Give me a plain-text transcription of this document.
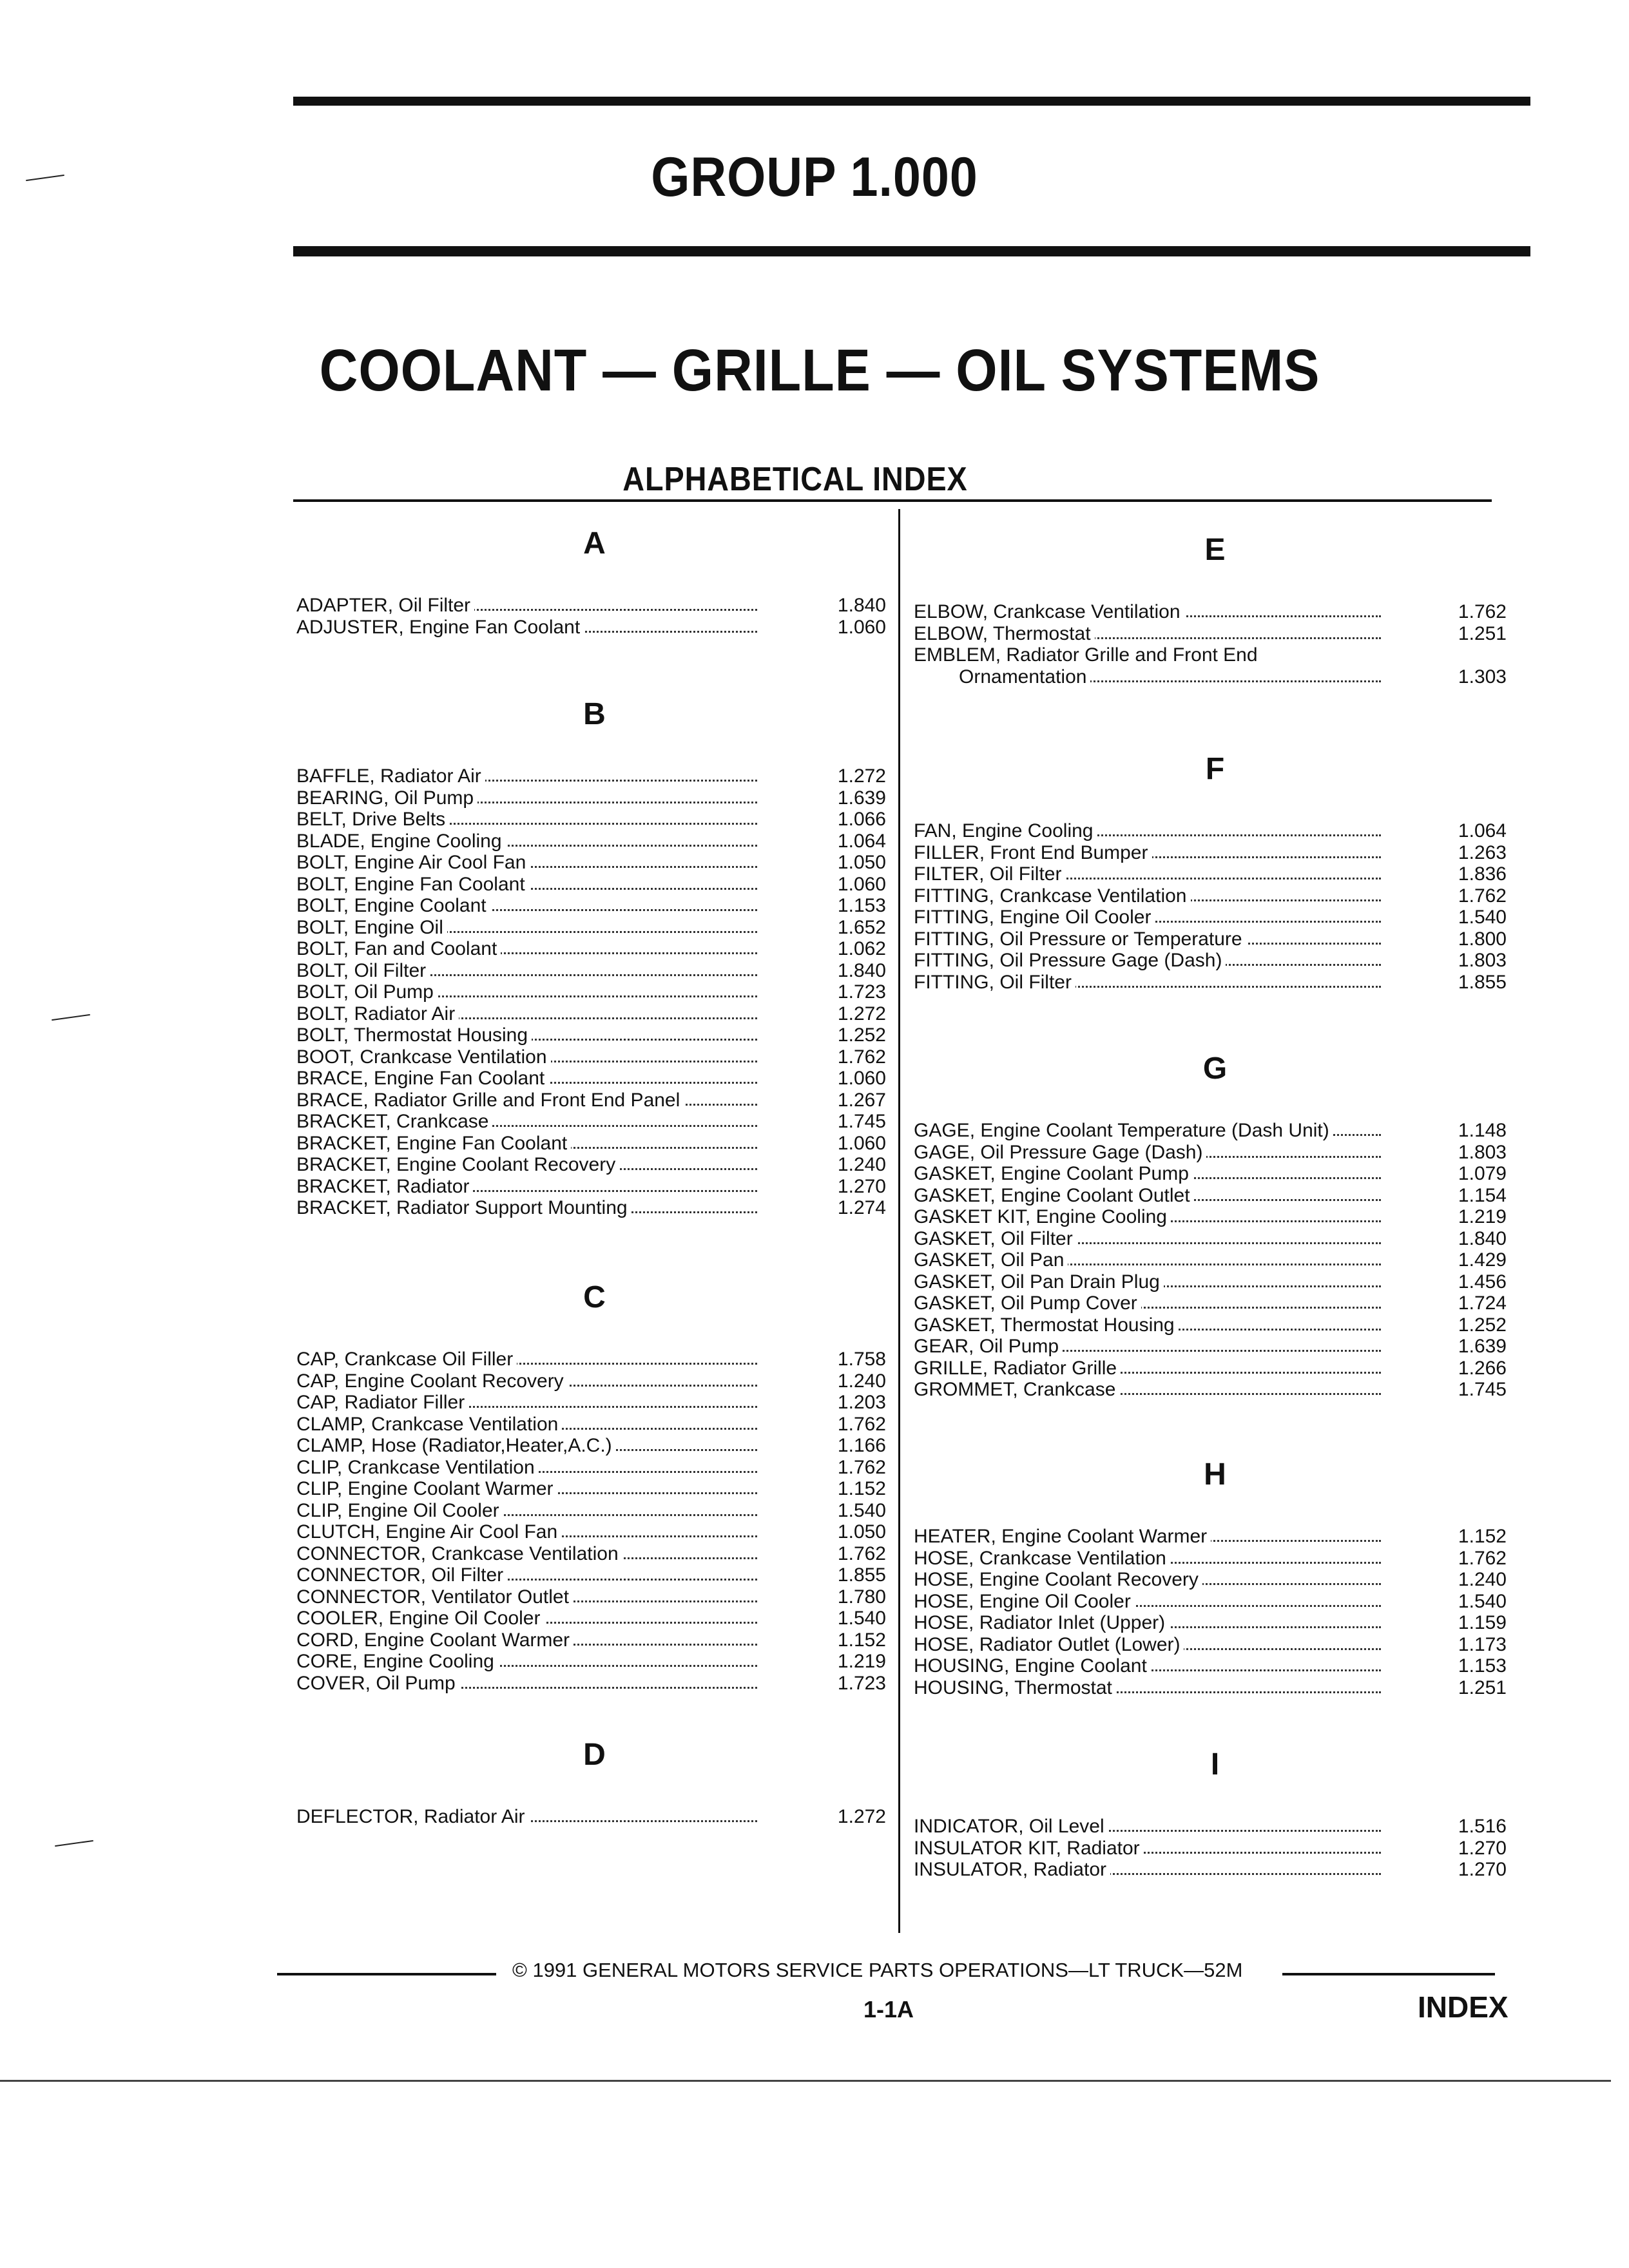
GROUP 1.000
COOLANT — GRILLE — OIL SYSTEMS
ALPHABETICAL INDEX
A
ADAPTER, Oil Filter	1.840
ADJUSTER, Engine Fan Coolant	1.060
B
BAFFLE, Radiator Air	1.272
BEARING, Oil Pump	1.639
BELT, Drive Belts	1.066
BLADE, Engine Cooling	1.064
BOLT, Engine Air Cool Fan	1.050
BOLT, Engine Fan Coolant	1.060
BOLT, Engine Coolant	1.153
BOLT, Engine Oil	1.652
BOLT, Fan and Coolant	1.062
BOLT, Oil Filter	1.840
BOLT, Oil Pump	1.723
BOLT, Radiator Air	1.272
BOLT, Thermostat Housing	1.252
BOOT, Crankcase Ventilation	1.762
BRACE, Engine Fan Coolant	1.060
BRACE, Radiator Grille and Front End Panel	1.267
BRACKET, Crankcase	1.745
BRACKET, Engine Fan Coolant	1.060
BRACKET, Engine Coolant Recovery	1.240
BRACKET, Radiator	1.270
BRACKET, Radiator Support Mounting	1.274
C
CAP, Crankcase Oil Filler	1.758
CAP, Engine Coolant Recovery	1.240
CAP, Radiator Filler	1.203
CLAMP, Crankcase Ventilation	1.762
CLAMP, Hose (Radiator,Heater,A.C.)	1.166
CLIP, Crankcase Ventilation	1.762
CLIP, Engine Coolant Warmer	1.152
CLIP, Engine Oil Cooler	1.540
CLUTCH, Engine Air Cool Fan	1.050
CONNECTOR, Crankcase Ventilation	1.762
CONNECTOR, Oil Filter	1.855
CONNECTOR, Ventilator Outlet	1.780
COOLER, Engine Oil Cooler	1.540
CORD, Engine Coolant Warmer	1.152
CORE, Engine Cooling	1.219
COVER, Oil Pump	1.723
D
DEFLECTOR, Radiator Air	1.272
E
ELBOW, Crankcase Ventilation	1.762
ELBOW, Thermostat	1.251
EMBLEM, Radiator Grille and Front End
Ornamentation	1.303
F
FAN, Engine Cooling	1.064
FILLER, Front End Bumper	1.263
FILTER, Oil Filter	1.836
FITTING, Crankcase Ventilation	1.762
FITTING, Engine Oil Cooler	1.540
FITTING, Oil Pressure or Temperature	1.800
FITTING, Oil Pressure Gage (Dash)	1.803
FITTING, Oil Filter	1.855
G
GAGE, Engine Coolant Temperature (Dash Unit)	1.148
GAGE, Oil Pressure Gage (Dash)	1.803
GASKET, Engine Coolant Pump	1.079
GASKET, Engine Coolant Outlet	1.154
GASKET KIT, Engine Cooling	1.219
GASKET, Oil Filter	1.840
GASKET, Oil Pan	1.429
GASKET, Oil Pan Drain Plug	1.456
GASKET, Oil Pump Cover	1.724
GASKET, Thermostat Housing	1.252
GEAR, Oil Pump	1.639
GRILLE, Radiator Grille	1.266
GROMMET, Crankcase	1.745
H
HEATER, Engine Coolant Warmer	1.152
HOSE, Crankcase Ventilation	1.762
HOSE, Engine Coolant Recovery	1.240
HOSE, Engine Oil Cooler	1.540
HOSE, Radiator Inlet (Upper)	1.159
HOSE, Radiator Outlet (Lower)	1.173
HOUSING, Engine Coolant	1.153
HOUSING, Thermostat	1.251
I
INDICATOR, Oil Level	1.516
INSULATOR KIT, Radiator	1.270
INSULATOR, Radiator	1.270
© 1991 GENERAL MOTORS SERVICE PARTS OPERATIONS—LT TRUCK—52M
1-1A	INDEX
